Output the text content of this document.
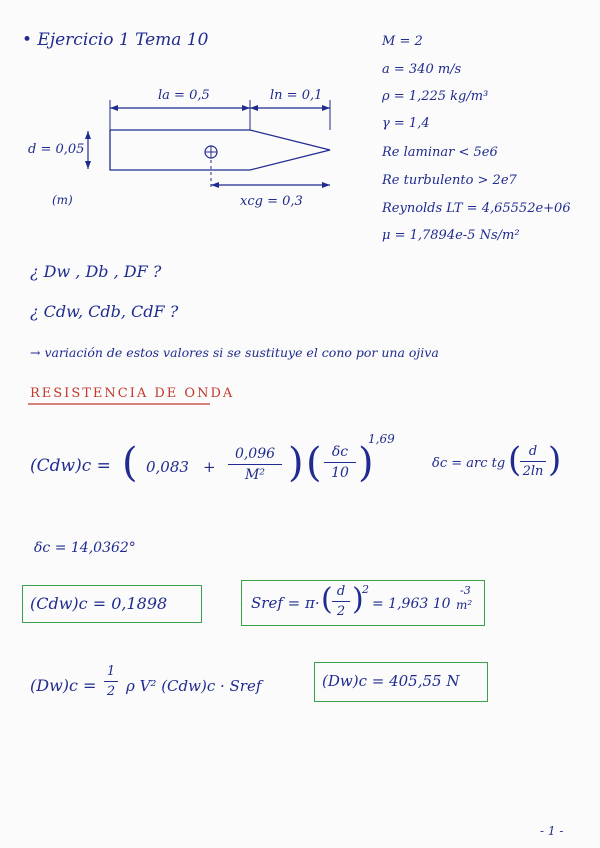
• Ejercicio 1 Tema 10
la = 0,5	ln = 0,1
d = 0,05
(m)	xcg = 0,3
M = 2
a = 340 m/s
ρ = 1,225 kg/m³
γ = 1,4
Re laminar < 5e6
Re turbulento > 2e7
Reynolds LT = 4,65552e+06
μ = 1,7894e-5 Ns/m²
¿ Dw , Db , DF ?
¿ Cdw, Cdb, CdF ?
→ variación de estos valores si se sustituye el cono por una ojiva
RESISTENCIA DE ONDA
(Cdw)c = ( 0,083 +
0,096
M² ) ( δc
10 )
1,69
δc = arc tg ( d
2ln )
δc = 14,0362°
(Cdw)c = 0,1898	Sref = π· ( d
2 )
2
= 1,963 10
-3
m²
(Dw)c =
1
2 ρ V² (Cdw)c · Sref	(Dw)c = 405,55 N
- 1 -
